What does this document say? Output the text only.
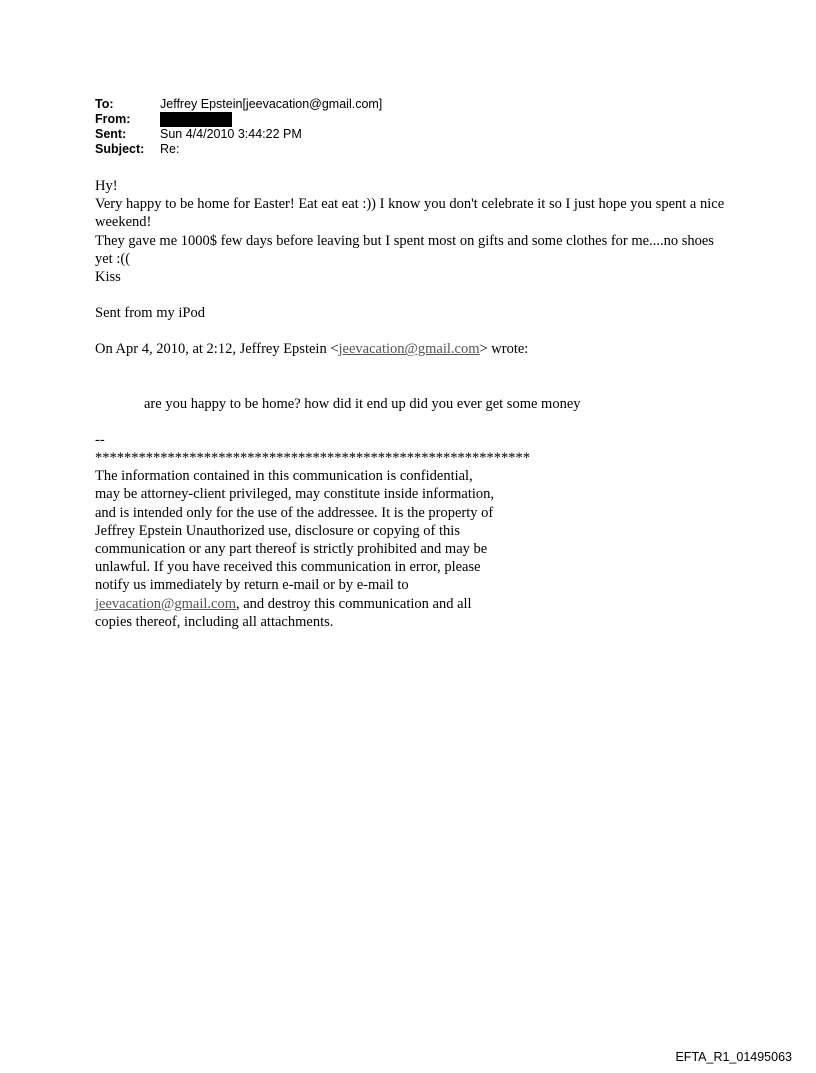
To:	Jeffrey Epstein[jeevacation@gmail.com]
From:
Sent:	Sun 4/4/2010 3:44:22 PM
Subject:	Re:

Hy!

Very happy to be home for Easter! Eat eat eat :)) I know you don't celebrate it so I just hope you spent a nice weekend!

They gave me 1000$ few days before leaving but I spent most on gifts and some clothes for me....no shoes yet :((

Kiss

Sent from my iPod

On Apr 4, 2010, at 2:12, Jeffrey Epstein <jeevacation@gmail.com> wrote:

are you happy to be home? how did it end up did you ever get some money

--

************************************************************

The information contained in this communication is confidential, may be attorney-client privileged, may constitute inside information, and is intended only for the use of the addressee. It is the property of Jeffrey Epstein Unauthorized use, disclosure or copying of this communication or any part thereof is strictly prohibited and may be unlawful. If you have received this communication in error, please notify us immediately by return e-mail or by e-mail to jeevacation@gmail.com, and destroy this communication and all copies thereof, including all attachments.

EFTA_R1_01495063
